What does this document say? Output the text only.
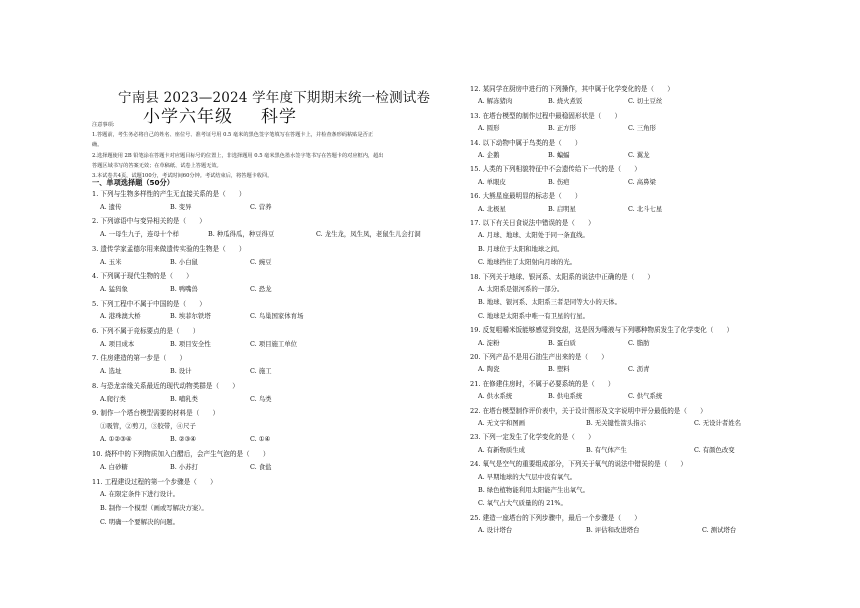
宁南县 2023—2024 学年度下期期末统一检测试卷
小学六年级 科学
注意事项:
1.答题前，考生务必将自己的姓名、座位号、准考证号用 0.5 毫米的黑色签字笔填写在答题卡上，并检查条形码粘贴是否正
确。
2.选择题使用 2B 铅笔涂在答题卡对应题目标号的位置上，非选择题用 0.5 毫米黑色墨水签字笔书写在答题卡的对应框内，超出
答题区域书写的答案无效；在草稿纸、试卷上答题无效。
3.本试卷共4页，试题100分，考试时间60分钟。考试结束后，将答题卡收回。
一、单项选择题（50分）
1. 下列与生物多样性的产生无直接关系的是（　　）
A. 遗传	B. 变异	C. 营养
2. 下列谚语中与变异相关的是（　　）
A. 一母生九子，连母十个样	B. 种瓜得瓜，种豆得豆	C. 龙生龙，凤生凤，老鼠生儿会打洞
3. 遗传学家孟德尔用来做遗传实验的生物是（　　）
A. 玉米	B. 小白鼠	C. 豌豆
4. 下列属于现代生物的是（　　）
A. 猛犸象	B. 鸭嘴兽	C. 恐龙
5. 下列工程中不属于中国的是（　　）
A. 港珠澳大桥	B. 埃菲尔铁塔	C. 鸟巢国家体育场
6. 下列不属于竞标要点的是（　　）
A. 项目成本	B. 项目安全性	C. 项目施工单位
7. 住房建造的第一步是（　　）
A. 选址	B. 设计	C. 施工
8. 与恐龙亲缘关系最近的现代动物类群是（　　）
A.爬行类	B. 哺乳类	C. 鸟类
9. 制作一个塔台模型需要的材料是（　　）
①吸管，②剪刀，③胶带，④尺子
A. ①②③④	B. ②③④	C. ①④
10. 烧杯中的下列物质加入白醋后，会产生气泡的是（　　）
A. 白砂糖	B. 小苏打	C. 食盐
11. 工程建设过程的第一个步骤是（　　）
A. 在限定条件下进行设计。
B. 制作一个模型（画或写解决方案）。
C. 明确一个要解决的问题。
12. 某同学在厨房中进行的下列操作，其中属于化学变化的是（　　）
A. 解冻猪肉	B. 烧火煮饭	C. 切土豆丝
13. 在塔台模型的制作过程中最稳固形状是（　　）
A. 圆形	B. 正方形	C. 三角形
14. 以下动物中属于鸟类的是（　　）
A. 企鹅	B. 蝙蝠	C. 翼龙
15. 人类的下列相貌特征中不会遗传给下一代的是（　　）
A. 单眼皮	B. 伤疤	C. 高鼻梁
16. 大熊星座最明显的标志是（　　）
A. 北极星	B. 启明星	C. 北斗七星
17. 以下有关日食说法中错误的是（　　）
A. 月球、地球、太阳处于同一条直线。
B. 月球位于太阳和地球之间。
C. 地球挡住了太阳射向月球的光。
18. 下列关于地球、银河系、太阳系的说法中正确的是（　　）
A. 太阳系是银河系的一部分。
B. 地球、银河系、太阳系三者是同等大小的天体。
C. 地球是太阳系中唯一有卫星的行星。
19. 反复咀嚼米饭能够感觉到变甜，这是因为唾液与下列哪种物质发生了化学变化（　　）
A. 淀粉	B. 蛋白质	C. 脂肪
20. 下列产品不是用石油生产出来的是（　　）
A. 陶瓷	B. 塑料	C. 沥青
21. 在修建住房时，不属于必要系统的是（　　）
A. 供水系统	B. 供电系统	C. 供气系统
22. 在塔台模型制作评价表中，关于设计图形及文字说明中评分最低的是（　　）
A. 无文字和图画	B. 无关键性箭头指示	C. 无设计者姓名
23. 下列一定发生了化学变化的是（　　）
A. 有新物质生成	B. 有气体产生	C. 有颜色改变
24. 氧气是空气的重要组成部分，下列关于氧气的说法中错误的是（　　）
A. 早期地球的大气层中没有氧气。
B. 绿色植物能利用太阳能产生出氧气。
C. 氧气占大气质量的的 21%。
25. 建造一座塔台的下列步骤中，最后一个步骤是（　　）
A. 设计塔台	B. 评估和改进塔台	C. 测试塔台
